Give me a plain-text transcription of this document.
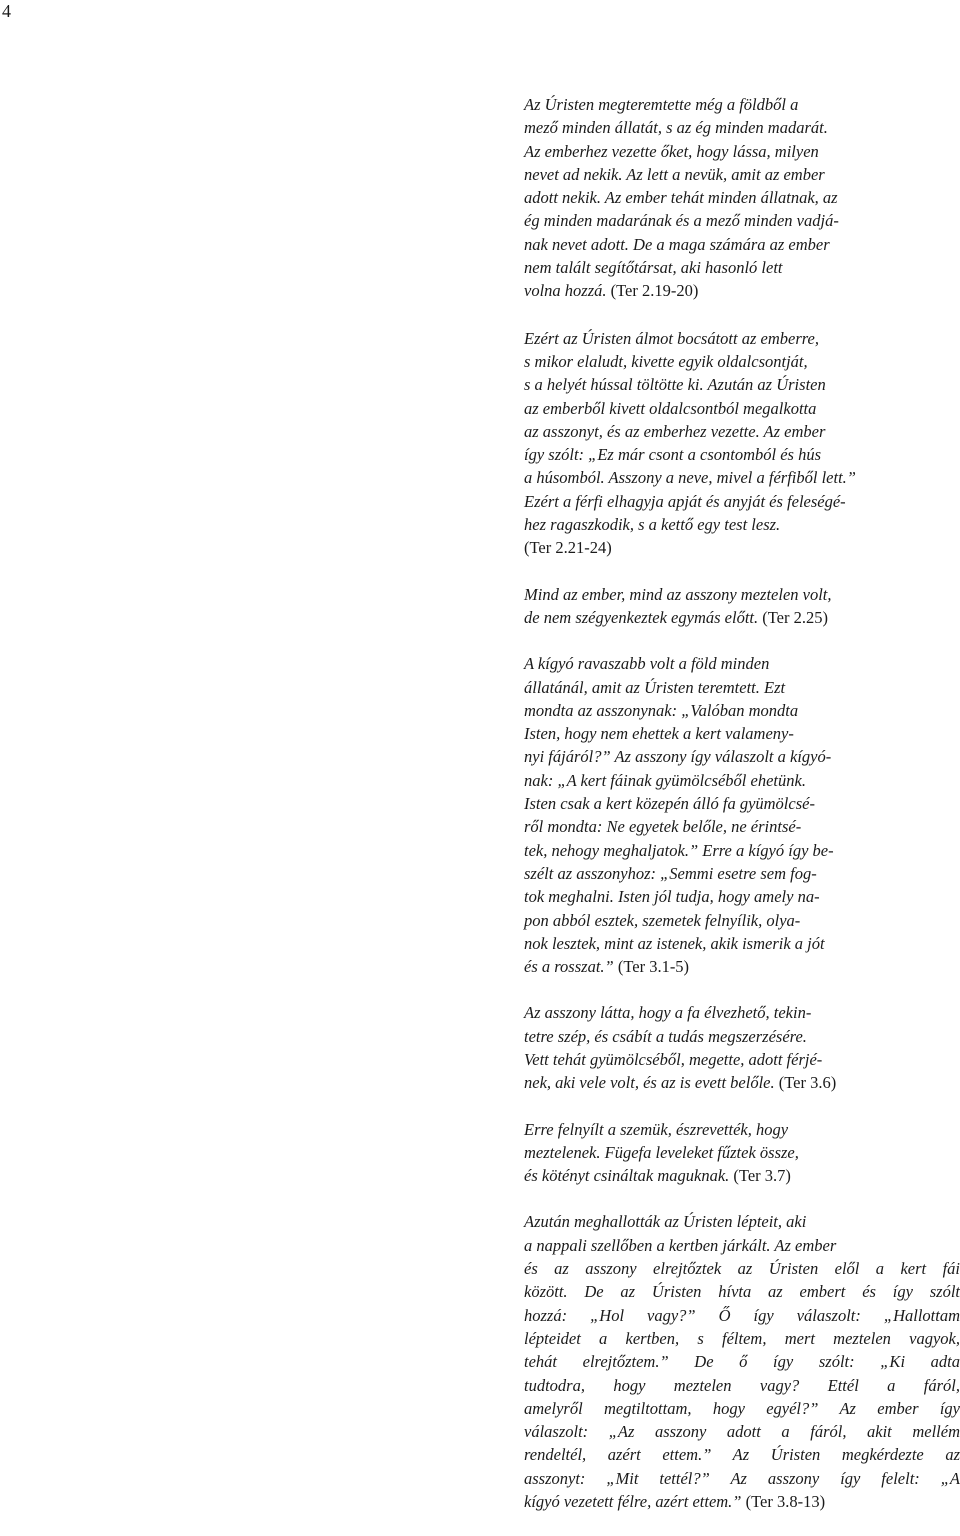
4

Az Úristen megteremtette még a földből a
mező minden állatát, s az ég minden madarát.
Az emberhez vezette őket, hogy lássa, milyen
nevet ad nekik. Az lett a nevük, amit az ember
adott nekik. Az ember tehát minden állatnak, az
ég minden madarának és a mező minden vadjá-
nak nevet adott. De a maga számára az ember
nem talált segítőtársat, aki hasonló lett
volna hozzá. (Ter 2.19-20)

Ezért az Úristen álmot bocsátott az emberre,
s mikor elaludt, kivette egyik oldalcsontját,
s a helyét hússal töltötte ki. Azután az Úristen
az emberből kivett oldalcsontból megalkotta
az asszonyt, és az emberhez vezette. Az ember
így szólt: „Ez már csont a csontomból és hús
a húsomból. Asszony a neve, mivel a férfiből lett.”
Ezért a férfi elhagyja apját és anyját és feleségé-
hez ragaszkodik, s a kettő egy test lesz.
(Ter 2.21-24)

Mind az ember, mind az asszony meztelen volt,
de nem szégyenkeztek egymás előtt. (Ter 2.25)

A kígyó ravaszabb volt a föld minden
állatánál, amit az Úristen teremtett. Ezt
mondta az asszonynak: „Valóban mondta
Isten, hogy nem ehettek a kert valameny-
nyi fájáról?” Az asszony így válaszolt a kígyó-
nak: „A kert fáinak gyümölcséből ehetünk.
Isten csak a kert közepén álló fa gyümölcsé-
ről mondta: Ne egyetek belőle, ne érintsé-
tek, nehogy meghaljatok.” Erre a kígyó így be-
szélt az asszonyhoz: „Semmi esetre sem fog-
tok meghalni. Isten jól tudja, hogy amely na-
pon abból esztek, szemetek felnyílik, olya-
nok lesztek, mint az istenek, akik ismerik a jót
és a rosszat.” (Ter 3.1-5)

Az asszony látta, hogy a fa élvezhető, tekin-
tetre szép, és csábít a tudás megszerzésére.
Vett tehát gyümölcséből, megette, adott férjé-
nek, aki vele volt, és az is evett belőle. (Ter 3.6)

Erre felnyílt a szemük, észrevették, hogy
meztelenek. Fügefa leveleket fűztek össze,
és kötényt csináltak maguknak. (Ter 3.7)

Azután meghallották az Úristen lépteit, aki
a nappali szellőben a kertben járkált. Az ember
és az asszony elrejtőztek az Úristen elől a kert fái
között. De az Úristen hívta az embert és így szólt
hozzá: „Hol vagy?” Ő így válaszolt: „Hallottam
lépteidet a kertben, s féltem, mert meztelen vagyok,
tehát elrejtőztem.” De ő így szólt: „Ki adta
tudtodra, hogy meztelen vagy? Ettél a fáról,
amelyről megtiltottam, hogy egyél?” Az ember így
válaszolt: „Az asszony adott a fáról, akit mellém
rendeltél, azért ettem.” Az Úristen megkérdezte az
asszonyt: „Mit tettél?” Az asszony így felelt: „A
kígyó vezetett félre, azért ettem.” (Ter 3.8-13)
